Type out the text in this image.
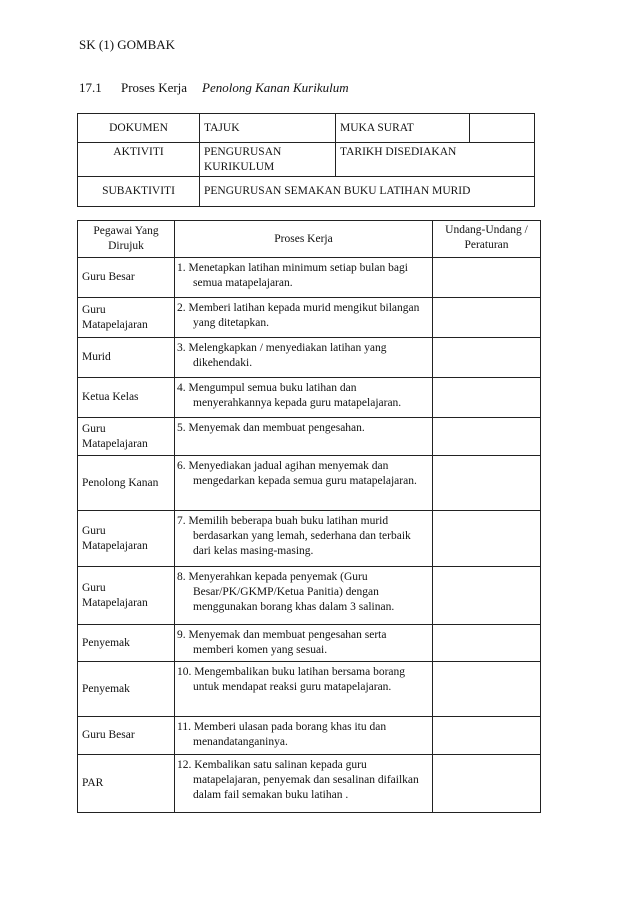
SK (1) GOMBAK
17.1 Proses Kerja Penolong Kanan Kurikulum
DOKUMEN	TAJUK	MUKA SURAT	
AKTIVITI	PENGURUSAN KURIKULUM	TARIKH DISEDIAKAN	
SUBAKTIVITI	PENGURUSAN SEMAKAN BUKU LATIHAN MURID		
Pegawai Yang Dirujuk	Proses Kerja	Undang-Undang / Peraturan
Guru Besar	1. Menetapkan latihan minimum setiap bulan bagi semua matapelajaran.	

Guru Matapelajaran	2. Memberi latihan kepada murid mengikut bilangan yang ditetapkan.	

Murid	3. Melengkapkan / menyediakan latihan yang dikehendaki.	

Ketua Kelas	4. Mengumpul semua buku latihan dan menyerahkannya kepada guru matapelajaran.	

Guru Matapelajaran	5. Menyemak dan membuat pengesahan.	

Penolong Kanan	6. Menyediakan jadual agihan menyemak dan mengedarkan kepada semua guru matapelajaran.	

Guru Matapelajaran	7. Memilih beberapa buah buku latihan murid berdasarkan yang lemah, sederhana dan terbaik dari kelas masing-masing.	

Guru Matapelajaran	8. Menyerahkan kepada penyemak (Guru Besar/PK/GKMP/Ketua Panitia) dengan menggunakan borang khas dalam 3 salinan.	

Penyemak	9. Menyemak dan membuat pengesahan serta memberi komen yang sesuai.	

Penyemak	10. Mengembalikan buku latihan bersama borang untuk mendapat reaksi guru matapelajaran.	

Guru Besar	11. Memberi ulasan pada borang khas itu dan menandatanganinya.	

PAR	12. Kembalikan satu salinan kepada guru matapelajaran, penyemak dan sesalinan difailkan dalam fail semakan buku latihan .	
